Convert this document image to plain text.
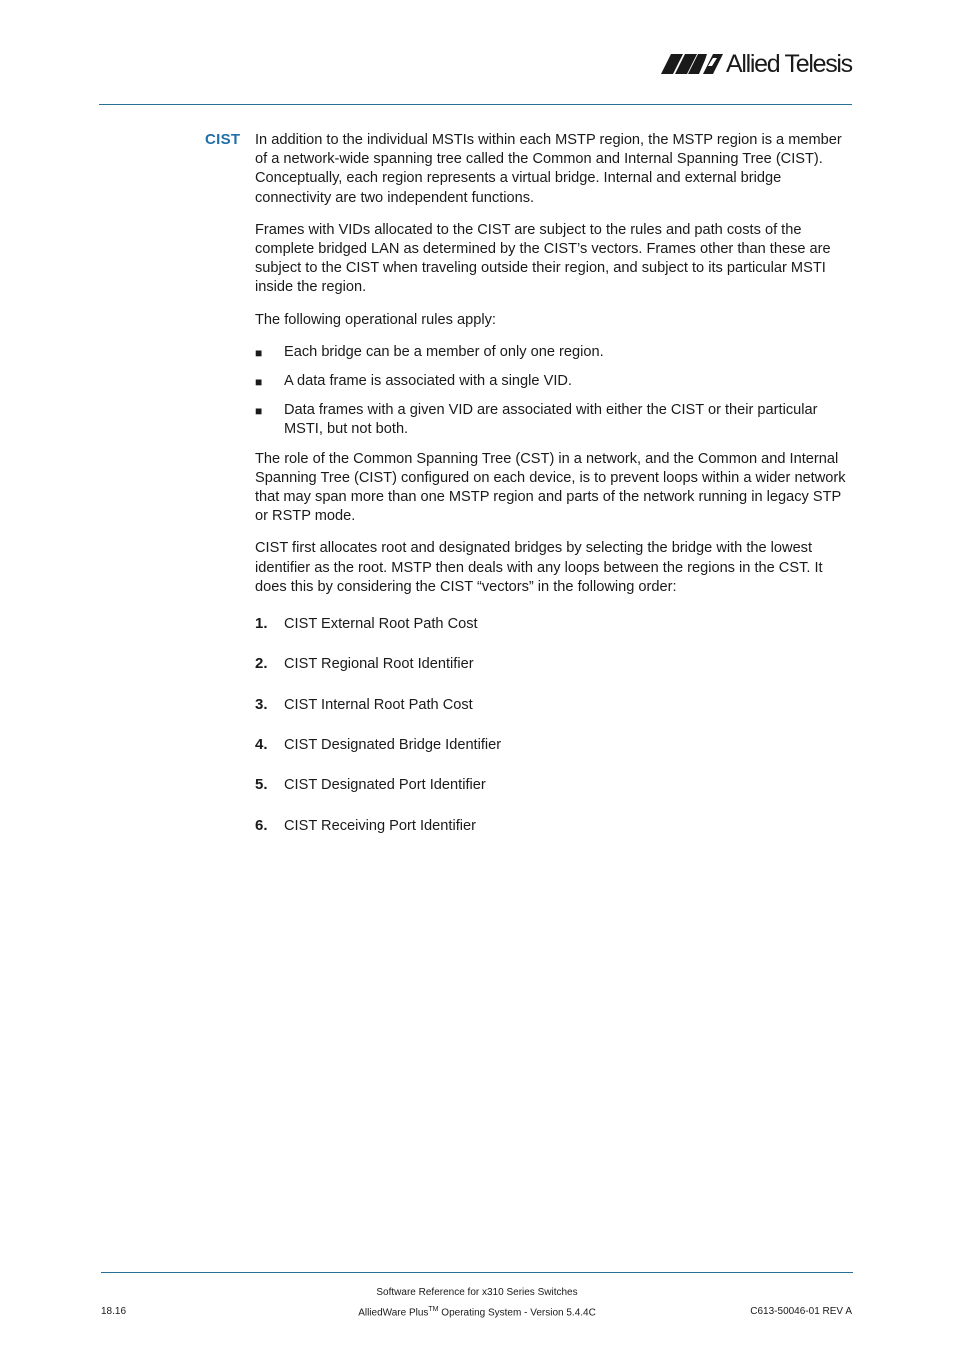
Allied Telesis
CIST In addition to the individual MSTIs within each MSTP region, the MSTP region is a member of a network-wide spanning tree called the Common and Internal Spanning Tree (CIST). Conceptually, each region represents a virtual bridge. Internal and external bridge connectivity are two independent functions.

Frames with VIDs allocated to the CIST are subject to the rules and path costs of the complete bridged LAN as determined by the CIST’s vectors. Frames other than these are subject to the CIST when traveling outside their region, and subject to its particular MSTI inside the region.

The following operational rules apply:

■ Each bridge can be a member of only one region.
■ A data frame is associated with a single VID.
■ Data frames with a given VID are associated with either the CIST or their particular MSTI, but not both.

The role of the Common Spanning Tree (CST) in a network, and the Common and Internal Spanning Tree (CIST) configured on each device, is to prevent loops within a wider network that may span more than one MSTP region and parts of the network running in legacy STP or RSTP mode.

CIST first allocates root and designated bridges by selecting the bridge with the lowest identifier as the root. MSTP then deals with any loops between the regions in the CST. It does this by considering the CIST “vectors” in the following order:

1. CIST External Root Path Cost
2. CIST Regional Root Identifier
3. CIST Internal Root Path Cost
4. CIST Designated Bridge Identifier
5. CIST Designated Port Identifier
6. CIST Receiving Port Identifier
Software Reference for x310 Series Switches
18.16	AlliedWare Plus™ Operating System - Version 5.4.4C	C613-50046-01 REV A
